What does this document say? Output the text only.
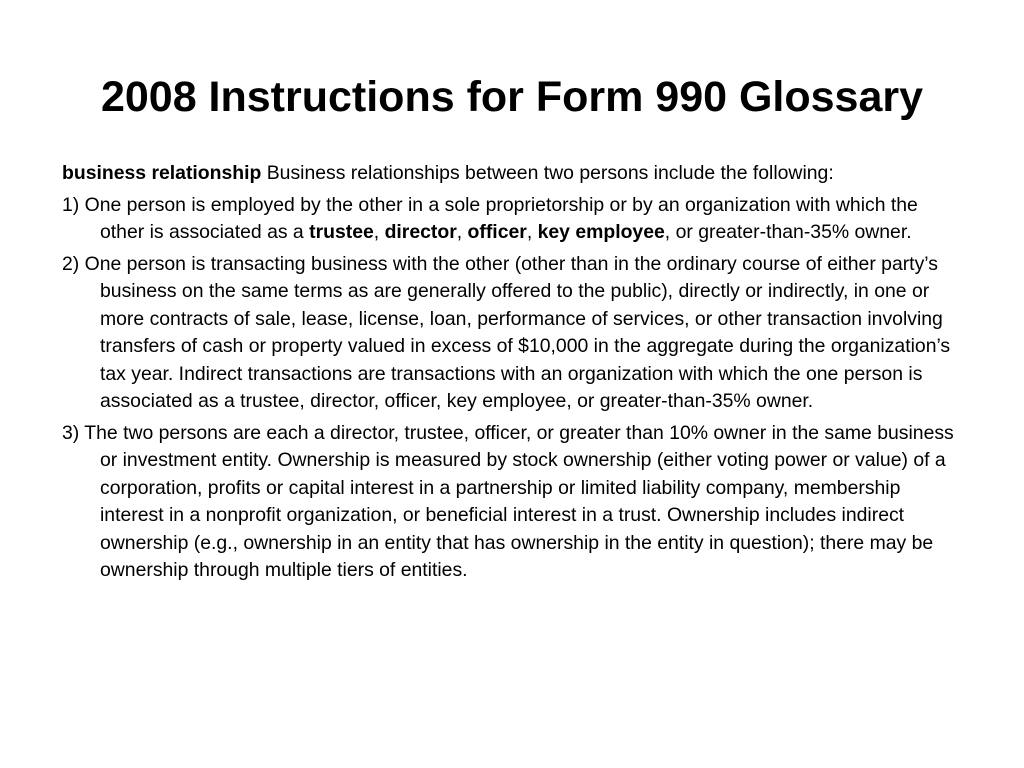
2008 Instructions for Form 990 Glossary

business relationship Business relationships between two persons include the following:

1) One person is employed by the other in a sole proprietorship or by an organization with which the other is associated as a trustee, director, officer, key employee, or greater-than-35% owner.

2) One person is transacting business with the other (other than in the ordinary course of either party’s business on the same terms as are generally offered to the public), directly or indirectly, in one or more contracts of sale, lease, license, loan, performance of services, or other transaction involving transfers of cash or property valued in excess of $10,000 in the aggregate during the organization’s tax year. Indirect transactions are transactions with an organization with which the one person is associated as a trustee, director, officer, key employee, or greater-than-35% owner.

3) The two persons are each a director, trustee, officer, or greater than 10% owner in the same business or investment entity. Ownership is measured by stock ownership (either voting power or value) of a corporation, profits or capital interest in a partnership or limited liability company, membership interest in a nonprofit organization, or beneficial interest in a trust. Ownership includes indirect ownership (e.g., ownership in an entity that has ownership in the entity in question); there may be ownership through multiple tiers of entities.
